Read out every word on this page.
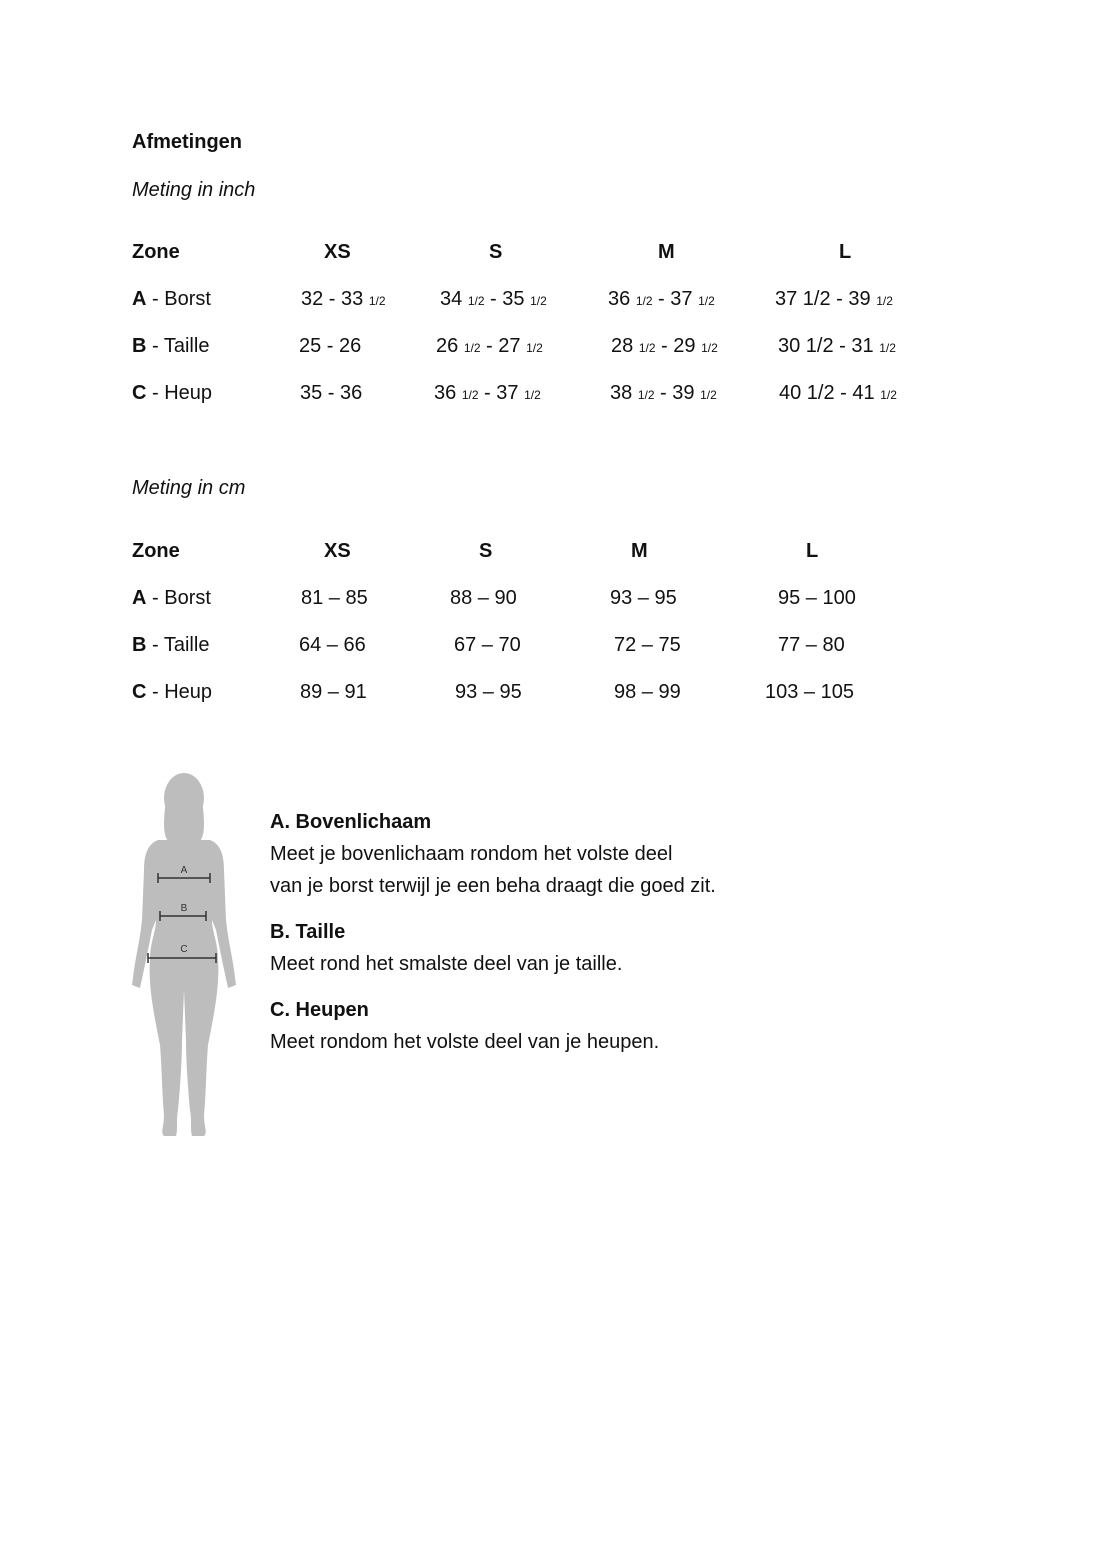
Afmetingen
Meting in inch
Zone	XS	S	M	L
A - Borst	32 - 33 1/2	34 1/2 - 35 1/2	36 1/2 - 37 1/2	37 1/2 - 39 1/2
B - Taille	25 - 26	26 1/2 - 27 1/2	28 1/2 - 29 1/2	30 1/2 - 31 1/2
C - Heup	35 - 36	36 1/2 - 37 1/2	38 1/2 - 39 1/2	40 1/2 - 41 1/2
Meting in cm
Zone	XS	S	M	L
A - Borst	81 – 85	88 – 90	93 – 95	95 – 100
B - Taille	64 – 66	67 – 70	72 – 75	77 – 80
C - Heup	89 – 91	93 – 95	98 – 99	103 – 105
A
B
C
A. Bovenlichaam
Meet je bovenlichaam rondom het volste deel
van je borst terwijl je een beha draagt die goed zit.
B. Taille
Meet rond het smalste deel van je taille.
C. Heupen
Meet rondom het volste deel van je heupen.
